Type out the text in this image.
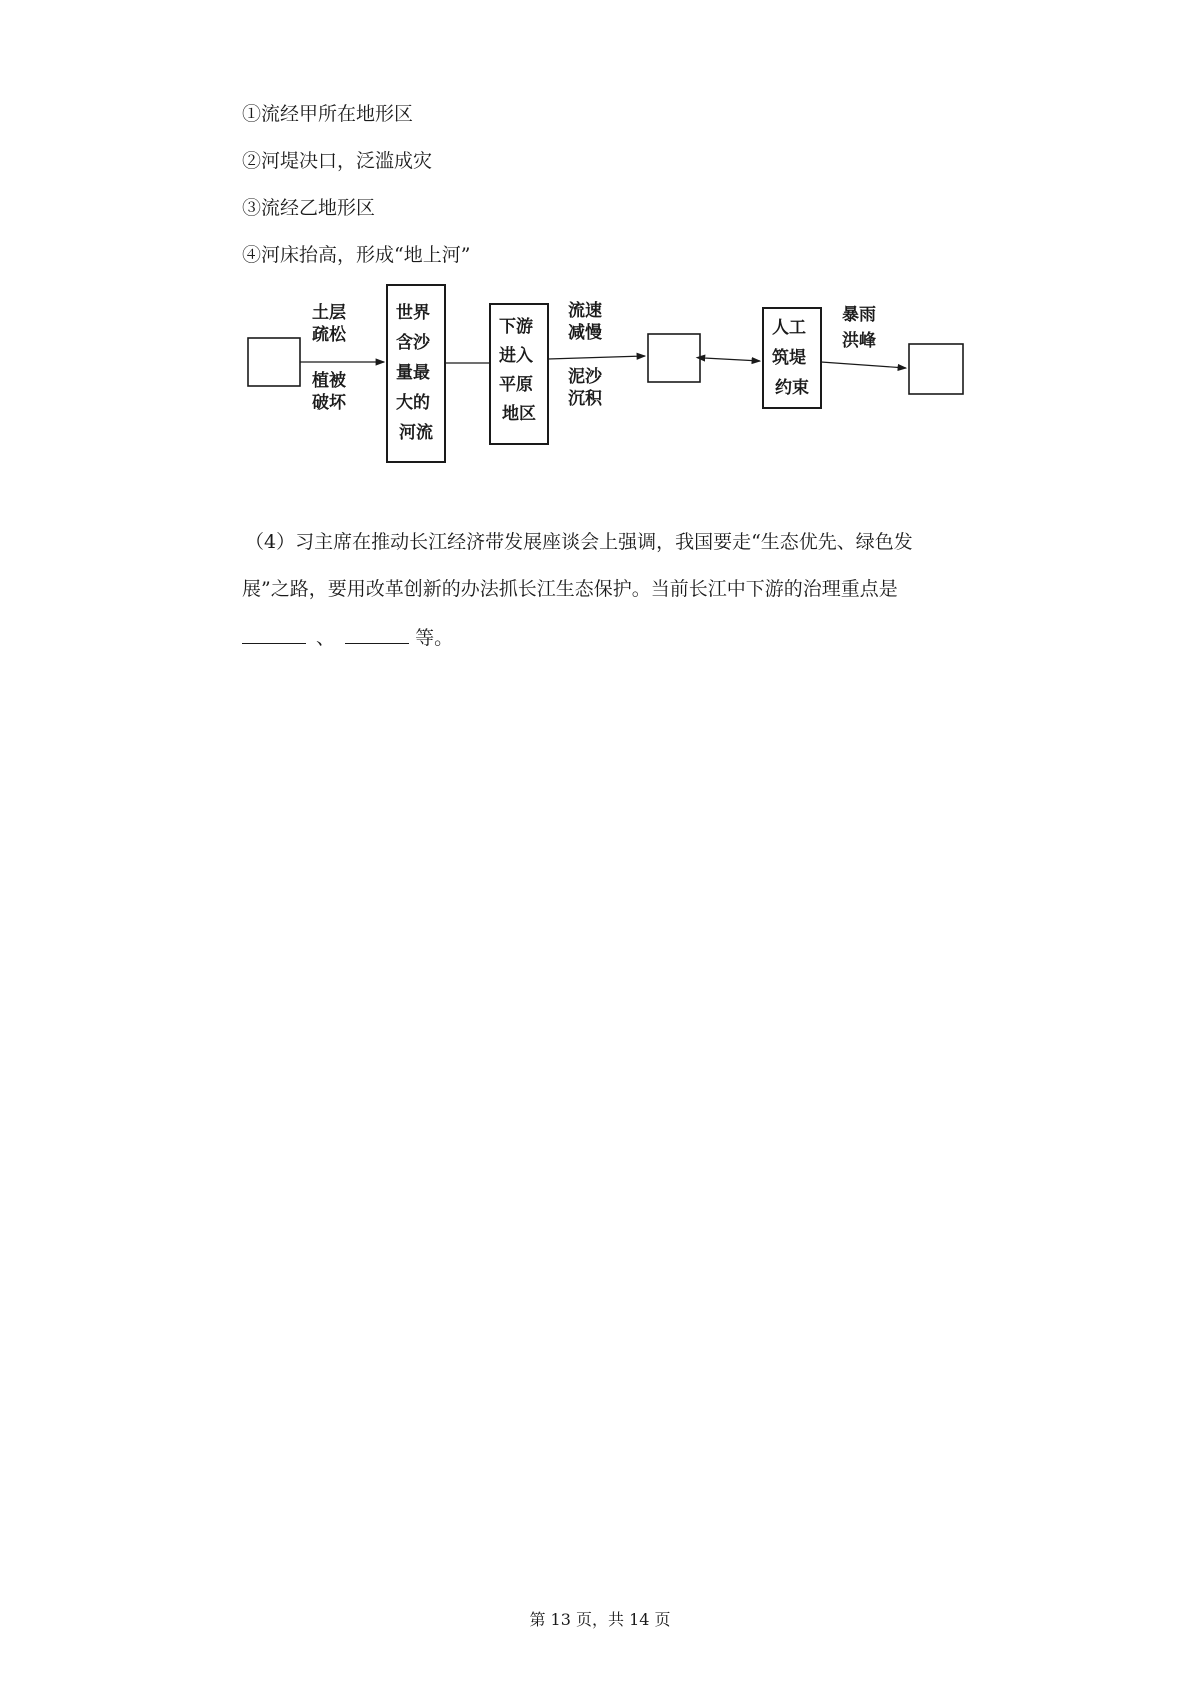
①流经甲所在地形区
②河堤决口，泛滥成灾
③流经乙地形区
④河床抬高，形成“地上河”
土层疏松
植被破坏
世界 含沙 量最 大的 河流
下游 进入 平原 地区
流速减慢
泥沙沉积
人工 筑堤 约束
暴雨洪峰
（4）习主席在推动长江经济带发展座谈会上强调，我国要走“生态优先、绿色发
展”之路，要用改革创新的办法抓长江生态保护。当前长江中下游的治理重点是
、	等。
第 13 页，共 14 页
